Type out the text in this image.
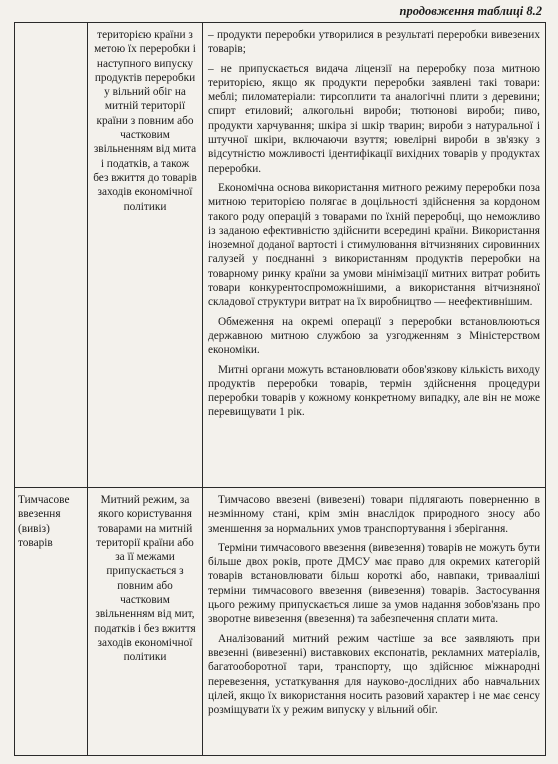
продовження таблиці 8.2
територією країни з метою їх переробки і наступного випуску продуктів переробки у вільний обіг на митній території країни з повним або частковим звільненням від мита і податків, а також без вжиття до товарів заходів економічної політики

– продукти переробки утворилися в результаті переробки вивезених товарів;

– не припускається видача ліцензії на переробку поза митною територією, якщо як продукти переробки заявлені такі товари: меблі; пиломатеріали: тирсоплити та аналогічні плити з деревини; спирт етиловий; алкогольні вироби; тютюнові вироби; пиво, продукти харчування; шкіра зі шкір тварин; вироби з натуральної і штучної шкіри, включаючи взуття; ювелірні вироби в зв'язку з відсутністю можливості ідентифікації вихідних товарів у продуктах переробки.

Економічна основа використання митного режиму переробки поза митною територією полягає в доцільності здійснення за кордоном такого роду операцій з товарами по їхній переробці, що неможливо із заданою ефективністю здійснити всередині країни. Використання іноземної доданої вартості і стимулювання вітчизняних сировинних галузей у поєднанні з використанням продуктів переробки на товарному ринку країни за умови мінімізації митних витрат робить товари конкурентоспроможнішими, а використання вітчизняної складової структури витрат на їх виробництво — неефективнішим.

Обмеження на окремі операції з переробки встановлюються державною митною службою за узгодженням з Міністерством економіки.

Митні органи можуть встановлювати обов'язкову кількість виходу продуктів переробки товарів, термін здійснення процедури переробки товарів у кожному конкретному випадку, але він не може перевищувати 1 рік.

Тимчасове ввезення (вивіз) товарів
Митний режим, за якого користування товарами на митній території країни або за її межами припускається з повним або частковим звільненням від мит, податків і без вжиття заходів економічної політики

Тимчасово ввезені (вивезені) товари підлягають поверненню в незмінному стані, крім змін внаслідок природного зносу або зменшення за нормальних умов транспортування і зберігання.

Терміни тимчасового ввезення (вивезення) товарів не можуть бути більше двох років, проте ДМСУ має право для окремих категорій товарів встановлювати більш короткі або, навпаки, тривааліші терміни тимчасового ввезення (вивезення) товарів. Застосування цього режиму припускається лише за умов надання зобов'язань про зворотне вивезення (ввезення) та забезпечення сплати мита.

Аналізований митний режим частіше за все заявляють при ввезенні (вивезенні) виставкових експонатів, рекламних матеріалів, багатооборотної тари, транспорту, що здійснює міжнародні перевезення, устаткування для науково-дослідних або навчальних цілей, якщо їх використання носить разовий характер і не має сенсу розміщувати їх у режим випуску у вільний обіг.
